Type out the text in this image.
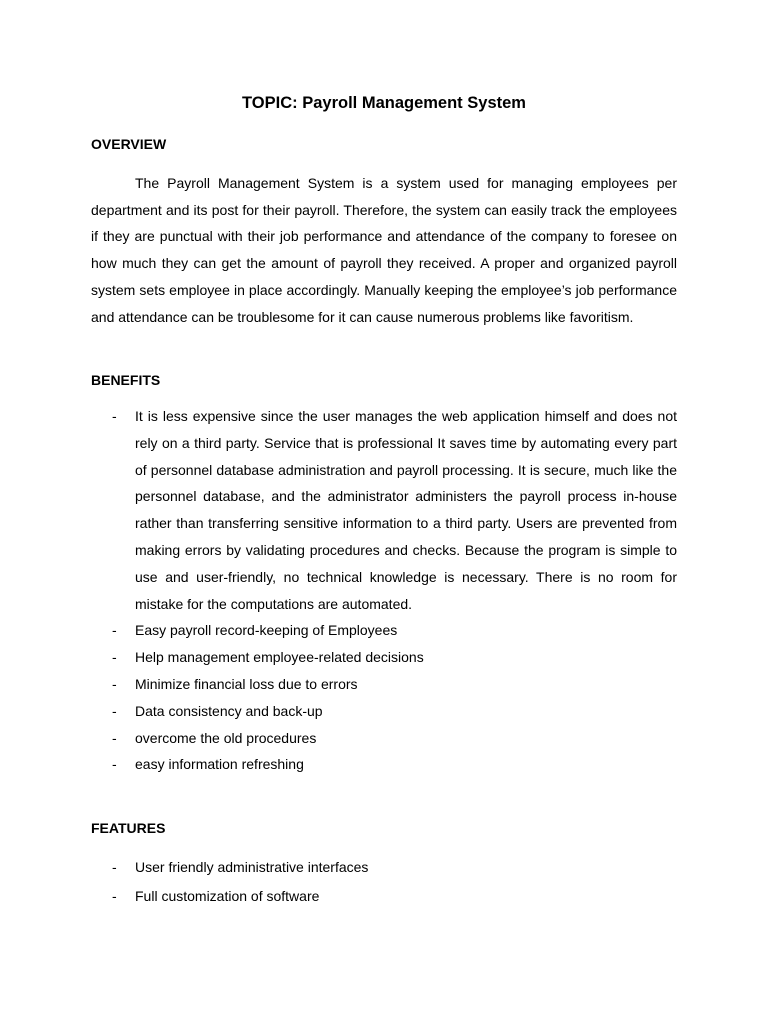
TOPIC: Payroll Management System
OVERVIEW

The Payroll Management System is a system used for managing employees per department and its post for their payroll. Therefore, the system can easily track the employees if they are punctual with their job performance and attendance of the company to foresee on how much they can get the amount of payroll they received. A proper and organized payroll system sets employee in place accordingly. Manually keeping the employee’s job performance and attendance can be troublesome for it can cause numerous problems like favoritism.

BENEFITS
- It is less expensive since the user manages the web application himself and does not rely on a third party. Service that is professional It saves time by automating every part of personnel database administration and payroll processing. It is secure, much like the personnel database, and the administrator administers the payroll process in-house rather than transferring sensitive information to a third party. Users are prevented from making errors by validating procedures and checks. Because the program is simple to use and user-friendly, no technical knowledge is necessary. There is no room for mistake for the computations are automated.
- Easy payroll record-keeping of Employees
- Help management employee-related decisions
- Minimize financial loss due to errors
- Data consistency and back-up
- overcome the old procedures
- easy information refreshing
FEATURES
- User friendly administrative interfaces
- Full customization of software
